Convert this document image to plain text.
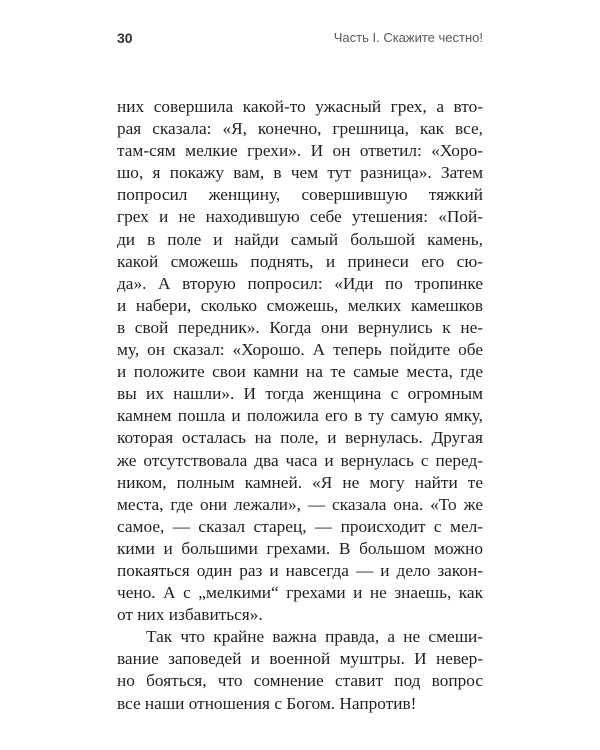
30	Часть I. Скажите честно!
них совершила какой-то ужасный грех, а вто-
рая сказала: «Я, конечно, грешница, как все,
там-сям мелкие грехи». И он ответил: «Хоро-
шо, я покажу вам, в чем тут разница». Затем
попросил женщину, совершившую тяжкий
грех и не находившую себе утешения: «Пой-
ди в поле и найди самый большой камень,
какой сможешь поднять, и принеси его сю-
да». А вторую попросил: «Иди по тропинке
и набери, сколько сможешь, мелких камешков
в свой передник». Когда они вернулись к не-
му, он сказал: «Хорошо. А теперь пойдите обе
и положите свои камни на те самые места, где
вы их нашли». И тогда женщина с огромным
камнем пошла и положила его в ту самую ямку,
которая осталась на поле, и вернулась. Другая
же отсутствовала два часа и вернулась с перед-
ником, полным камней. «Я не могу найти те
места, где они лежали», — сказала она. «То же
самое, — сказал старец, — происходит с мел-
кими и большими грехами. В большом можно
покаяться один раз и навсегда — и дело закон-
чено. А с „мелкими“ грехами и не знаешь, как
от них избавиться».
Так что крайне важна правда, а не смеши-
вание заповедей и военной муштры. И невер-
но бояться, что сомнение ставит под вопрос
все наши отношения с Богом. Напротив!
